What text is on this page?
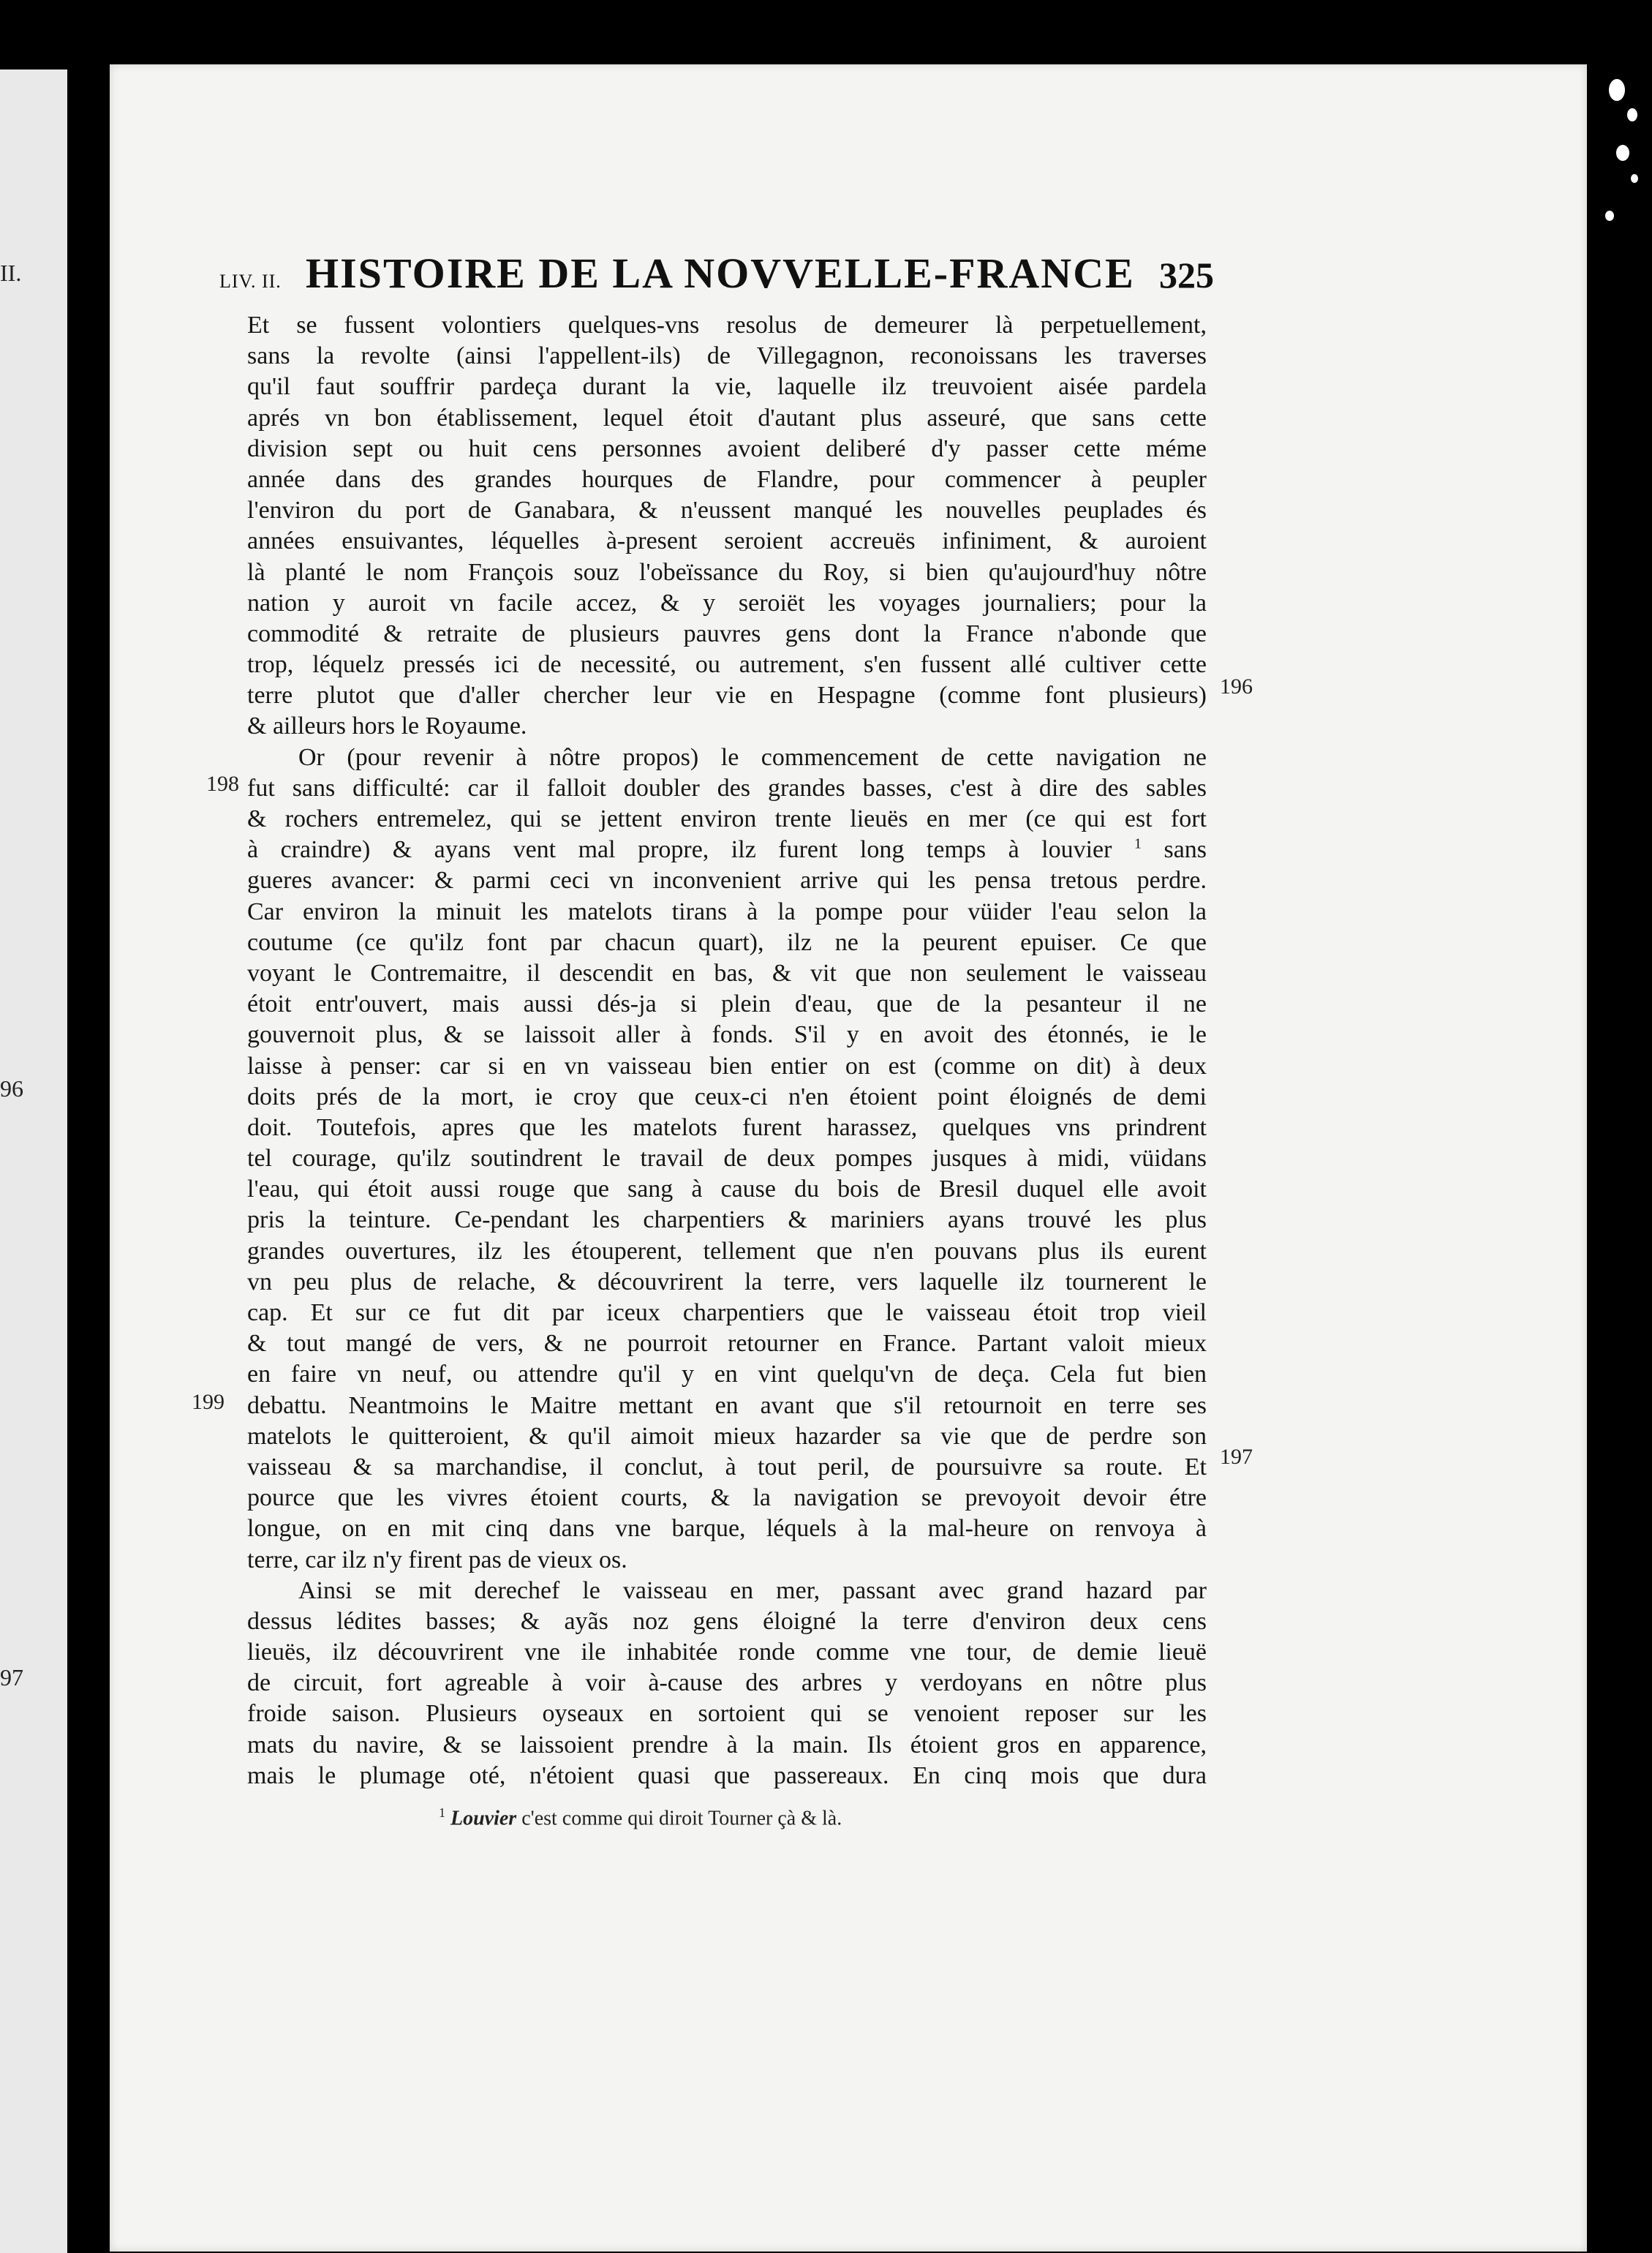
II.
96
97
LIV. II. HISTOIRE DE LA NOVVELLE-FRANCE 325
Et se fussent volontiers quelques-vns resolus de demeurer là perpetuellement,
sans la revolte (ainsi l'appellent-ils) de Villegagnon, reconoissans les traverses
qu'il faut souffrir pardeça durant la vie, laquelle ilz treuvoient aisée pardela
aprés vn bon établissement, lequel étoit d'autant plus asseuré, que sans cette
division sept ou huit cens personnes avoient deliberé d'y passer cette méme
année dans des grandes hourques de Flandre, pour commencer à peupler
l'environ du port de Ganabara, & n'eussent manqué les nouvelles peuplades és
années ensuivantes, léquelles à-present seroient accreuës infiniment, & auroient
là planté le nom François souz l'obeïssance du Roy, si bien qu'aujourd'huy nôtre
nation y auroit vn facile accez, & y seroiët les voyages journaliers; pour la
commodité & retraite de plusieurs pauvres gens dont la France n'abonde que
trop, léquelz pressés ici de necessité, ou autrement, s'en fussent allé cultiver cette
terre plutot que d'aller chercher leur vie en Hespagne (comme font plusieurs)
& ailleurs hors le Royaume.
Or (pour revenir à nôtre propos) le commencement de cette navigation ne
fut sans difficulté: car il falloit doubler des grandes basses, c'est à dire des sables
& rochers entremelez, qui se jettent environ trente lieuës en mer (ce qui est fort
à craindre) & ayans vent mal propre, ilz furent long temps à louvier $^1$ sans
gueres avancer: & parmi ceci vn inconvenient arrive qui les pensa tretous perdre.
Car environ la minuit les matelots tirans à la pompe pour vüider l'eau selon la
coutume (ce qu'ilz font par chacun quart), ilz ne la peurent epuiser. Ce que
voyant le Contremaitre, il descendit en bas, & vit que non seulement le vaisseau
étoit entr'ouvert, mais aussi dés-ja si plein d'eau, que de la pesanteur il ne
gouvernoit plus, & se laissoit aller à fonds. S'il y en avoit des étonnés, ie le
laisse à penser: car si en vn vaisseau bien entier on est (comme on dit) à deux
doits prés de la mort, ie croy que ceux-ci n'en étoient point éloignés de demi
doit. Toutefois, apres que les matelots furent harassez, quelques vns prindrent
tel courage, qu'ilz soutindrent le travail de deux pompes jusques à midi, vüidans
l'eau, qui étoit aussi rouge que sang à cause du bois de Bresil duquel elle avoit
pris la teinture. Ce-pendant les charpentiers & mariniers ayans trouvé les plus
grandes ouvertures, ilz les étouperent, tellement que n'en pouvans plus ils eurent
vn peu plus de relache, & découvrirent la terre, vers laquelle ilz tournerent le
cap. Et sur ce fut dit par iceux charpentiers que le vaisseau étoit trop vieil
& tout mangé de vers, & ne pourroit retourner en France. Partant valoit mieux
en faire vn neuf, ou attendre qu'il y en vint quelqu'vn de deça. Cela fut bien
debattu. Neantmoins le Maitre mettant en avant que s'il retournoit en terre ses
matelots le quitteroient, & qu'il aimoit mieux hazarder sa vie que de perdre son
vaisseau & sa marchandise, il conclut, à tout peril, de poursuivre sa route. Et
pource que les vivres étoient courts, & la navigation se prevoyoit devoir étre
longue, on en mit cinq dans vne barque, léquels à la mal-heure on renvoya à
terre, car ilz n'y firent pas de vieux os.
Ainsi se mit derechef le vaisseau en mer, passant avec grand hazard par
dessus lédites basses; & ayãs noz gens éloigné la terre d'environ deux cens
lieuës, ilz découvrirent vne ile inhabitée ronde comme vne tour, de demie lieuë
de circuit, fort agreable à voir à-cause des arbres y verdoyans en nôtre plus
froide saison. Plusieurs oyseaux en sortoient qui se venoient reposer sur les
mats du navire, & se laissoient prendre à la main. Ils étoient gros en apparence,
mais le plumage oté, n'étoient quasi que passereaux. En cinq mois que dura
196
198
199
197
$^1$ Louvier c'est comme qui diroit Tourner çà & là.
